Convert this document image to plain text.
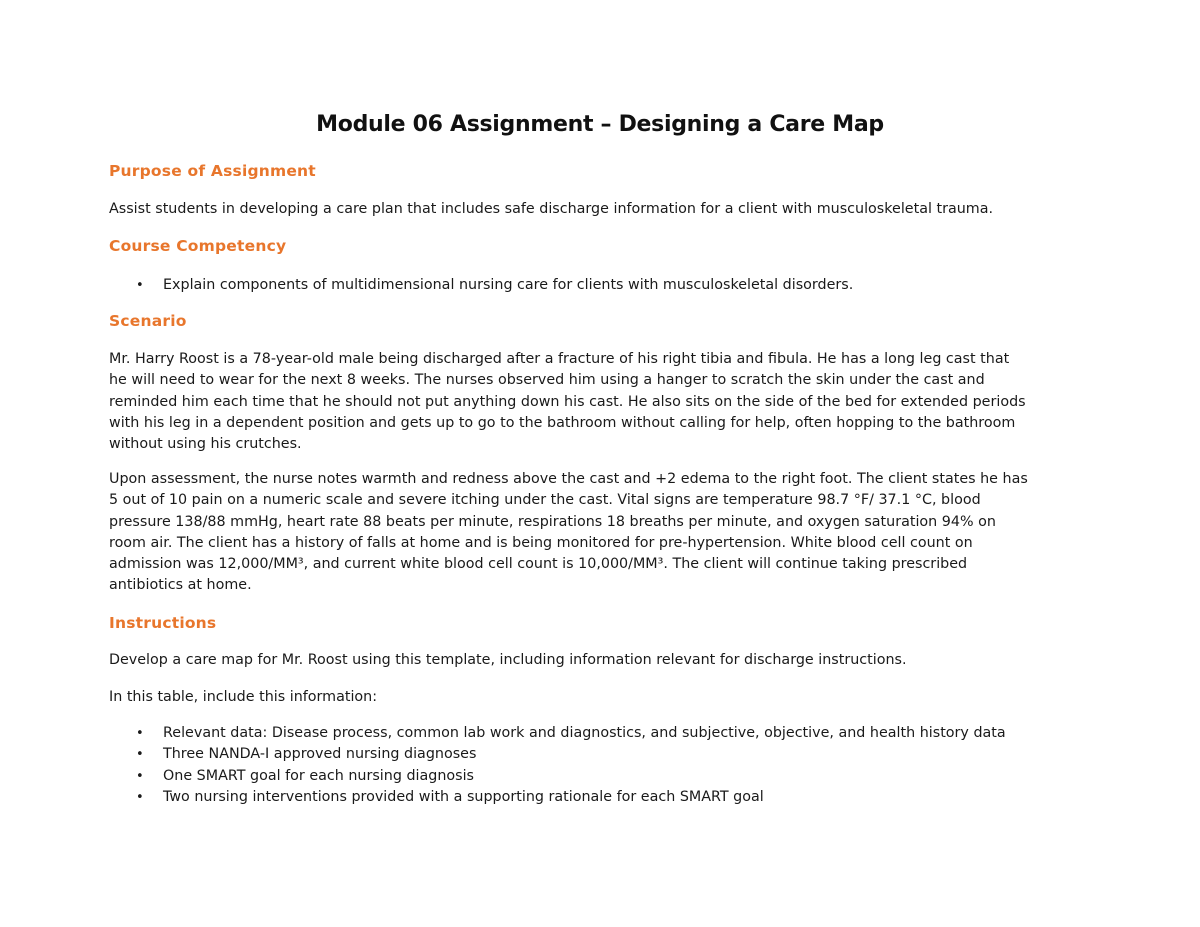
Module 06 Assignment – Designing a Care Map
Purpose of Assignment

Assist students in developing a care plan that includes safe discharge information for a client with musculoskeletal trauma.

Course Competency
• Explain components of multidimensional nursing care for clients with musculoskeletal disorders.
Scenario
Mr. Harry Roost is a 78-year-old male being discharged after a fracture of his right tibia and fibula. He has a long leg cast that
he will need to wear for the next 8 weeks. The nurses observed him using a hanger to scratch the skin under the cast and
reminded him each time that he should not put anything down his cast. He also sits on the side of the bed for extended periods
with his leg in a dependent position and gets up to go to the bathroom without calling for help, often hopping to the bathroom
without using his crutches.
Upon assessment, the nurse notes warmth and redness above the cast and +2 edema to the right foot. The client states he has
5 out of 10 pain on a numeric scale and severe itching under the cast. Vital signs are temperature 98.7 °F/ 37.1 °C, blood
pressure 138/88 mmHg, heart rate 88 beats per minute, respirations 18 breaths per minute, and oxygen saturation 94% on
room air. The client has a history of falls at home and is being monitored for pre-hypertension. White blood cell count on
admission was 12,000/MM³, and current white blood cell count is 10,000/MM³. The client will continue taking prescribed
antibiotics at home.
Instructions

Develop a care map for Mr. Roost using this template, including information relevant for discharge instructions.

In this table, include this information:

• Relevant data: Disease process, common lab work and diagnostics, and subjective, objective, and health history data
• Three NANDA-I approved nursing diagnoses
• One SMART goal for each nursing diagnosis
• Two nursing interventions provided with a supporting rationale for each SMART goal
